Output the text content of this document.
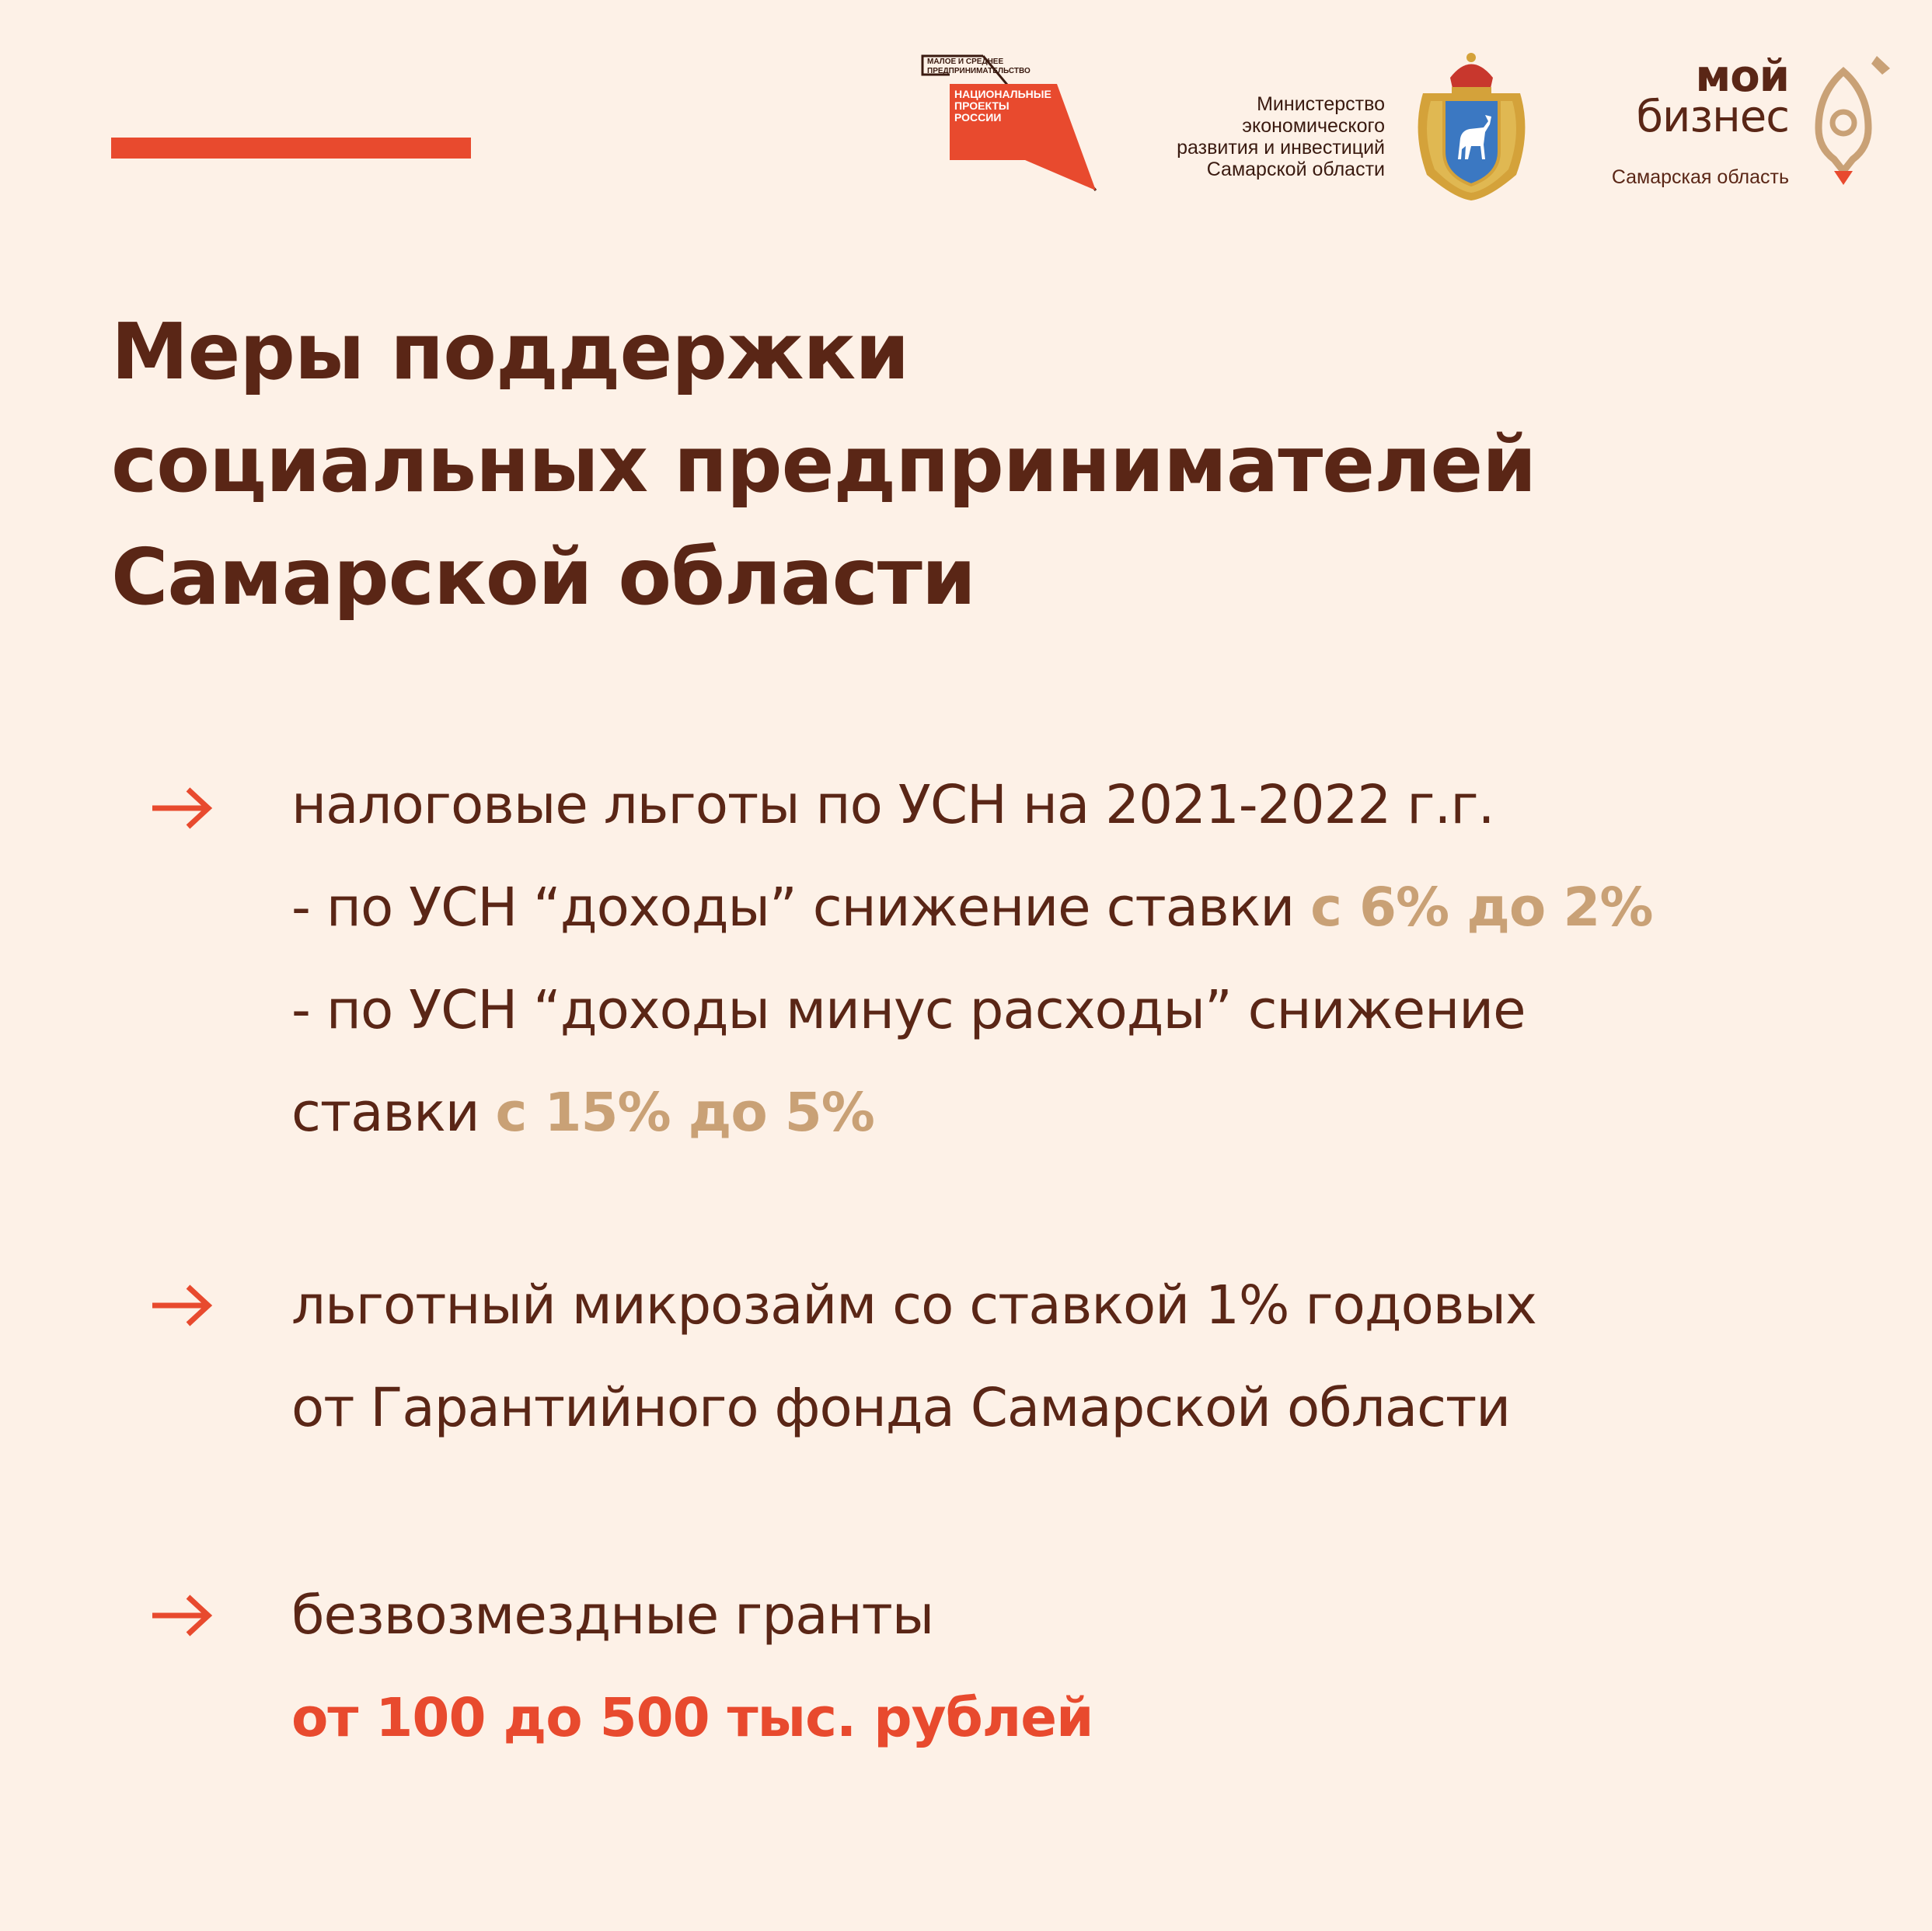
МАЛОЕ И СРЕДНЕЕ
ПРЕДПРИНИМАТЕЛЬСТВО
НАЦИОНАЛЬНЫЕ
ПРОЕКТЫ
РОССИИ
Министерство
экономического
развития и инвестиций
Самарской области
мой
бизнес
Самарская область
Меры поддержки
социальных предпринимателей
Самарской области
налоговые льготы по УСН на 2021-2022 г.г.
- по УСН “доходы” снижение ставки с 6% до 2%
- по УСН “доходы минус расходы” снижение
ставки с 15% до 5%
льготный микрозайм со ставкой 1% годовых
от Гарантийного фонда Самарской области
безвозмездные гранты
от 100 до 500 тыс. рублей
